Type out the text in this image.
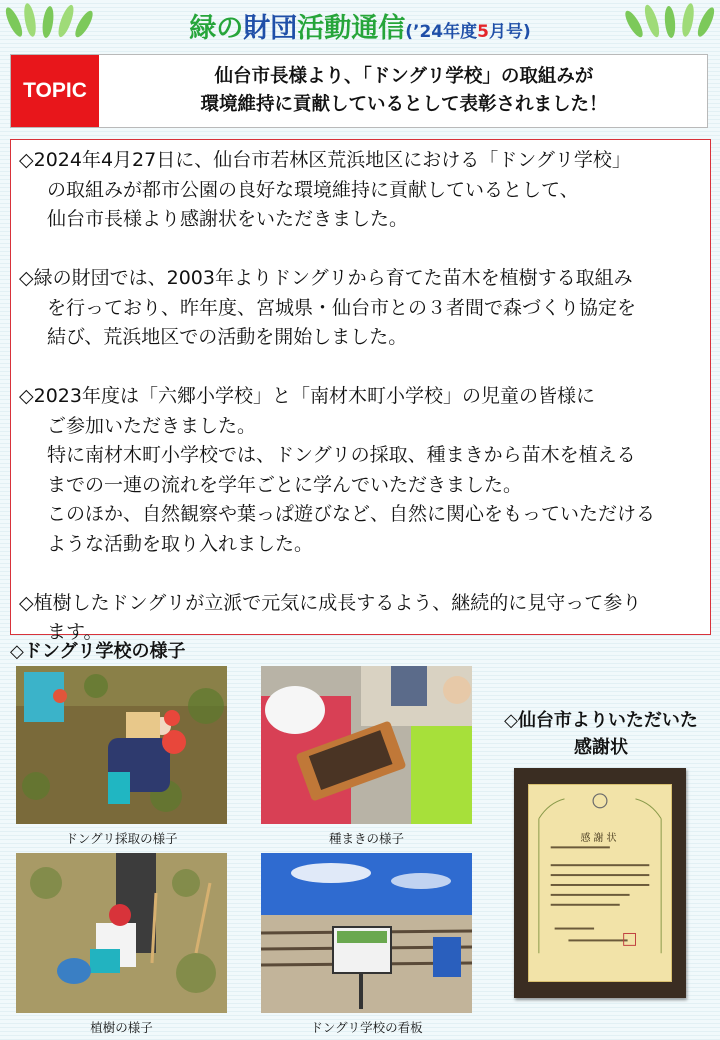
緑の財団活動通信(’24年度5月号)
TOPIC
仙台市長様より、「ドングリ学校」の取組みが
環境維持に貢献しているとして表彰されました！
◇2024年4月27日に、仙台市若林区荒浜地区における「ドングリ学校」
の取組みが都市公園の良好な環境維持に貢献しているとして、
仙台市長様より感謝状をいただきました。
◇緑の財団では、2003年よりドングリから育てた苗木を植樹する取組み
を行っており、昨年度、宮城県・仙台市との３者間で森づくり協定を
結び、荒浜地区での活動を開始しました。
◇2023年度は「六郷小学校」と「南材木町小学校」の児童の皆様に
ご参加いただきました。
特に南材木町小学校では、ドングリの採取、種まきから苗木を植える
までの一連の流れを学年ごとに学んでいただきました。
このほか、自然観察や葉っぱ遊びなど、自然に関心をもっていただける
ような活動を取り入れました。
◇植樹したドングリが立派で元気に成長するよう、継続的に見守って参り
ます。
◇ドングリ学校の様子
ドングリ採取の様子	種まきの様子
植樹の様子	ドングリ学校の看板
◇仙台市よりいただいた
感謝状
感謝状
